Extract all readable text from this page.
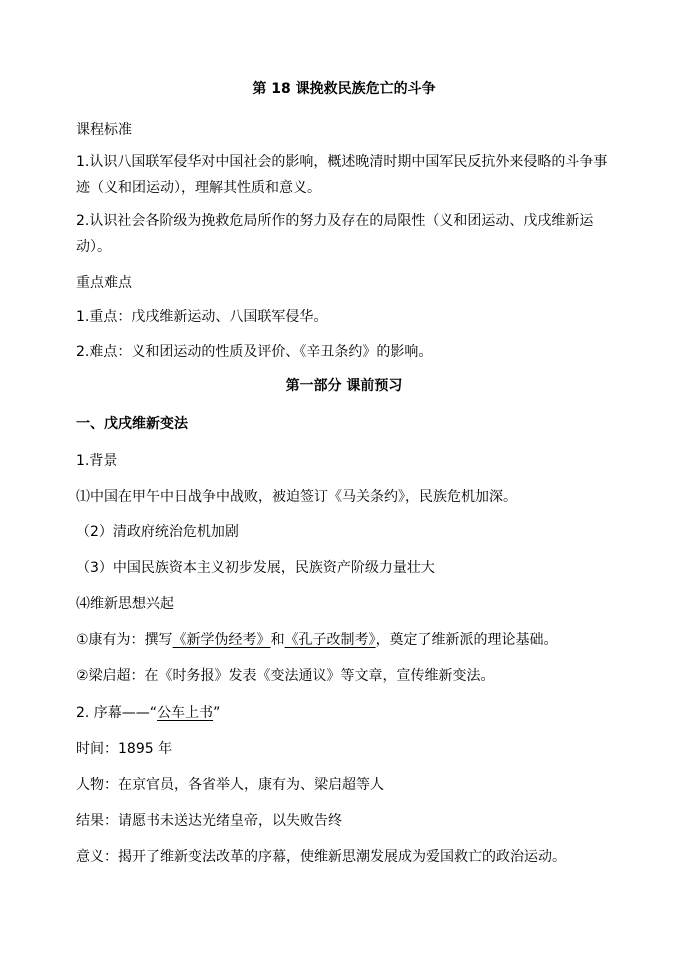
第 18 课挽救民族危亡的斗争
课程标准
1.认识八国联军侵华对中国社会的影响，概述晚清时期中国军民反抗外来侵略的斗争事迹（义和团运动），理解其性质和意义。
2.认识社会各阶级为挽救危局所作的努力及存在的局限性（义和团运动、戊戌维新运动）。
重点难点
1.重点：戊戌维新运动、八国联军侵华。
2.难点：义和团运动的性质及评价、《辛丑条约》的影响。
第一部分 课前预习
一、戊戌维新变法
1.背景
⑴中国在甲午中日战争中战败，被迫签订《马关条约》，民族危机加深。
（2）清政府统治危机加剧
（3）中国民族资本主义初步发展，民族资产阶级力量壮大
⑷维新思想兴起
①康有为：撰写《新学伪经考》和《孔子改制考》，奠定了维新派的理论基础。
②梁启超：在《时务报》发表《变法通议》等文章，宣传维新变法。
2. 序幕——“公车上书”
时间：1895 年
人物：在京官员，各省举人，康有为、梁启超等人
结果：请愿书未送达光绪皇帝，以失败告终
意义：揭开了维新变法改革的序幕，使维新思潮发展成为爱国救亡的政治运动。
